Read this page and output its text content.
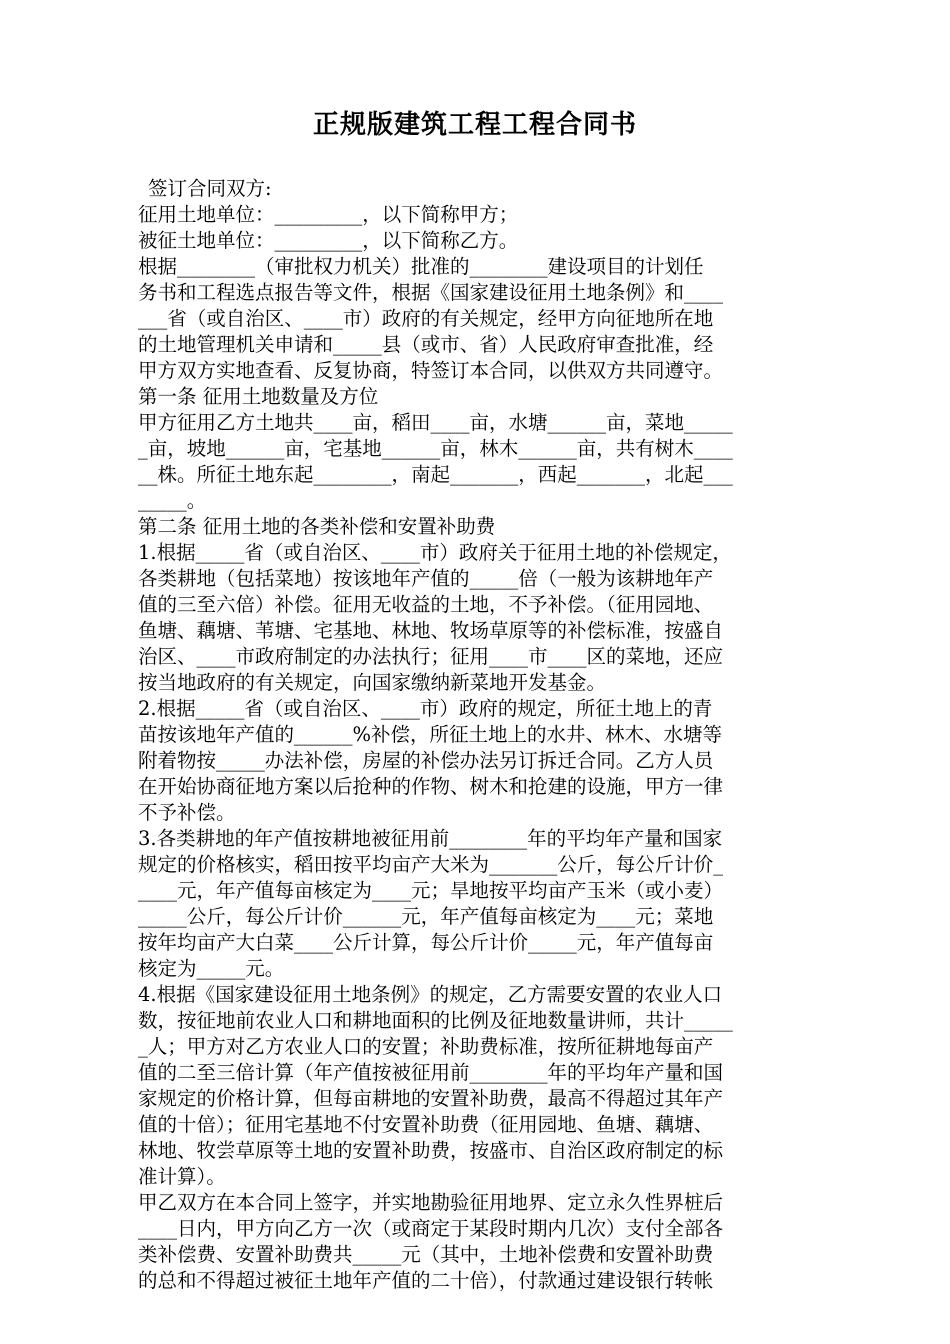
正规版建筑工程工程合同书
签订合同双方:
征用土地单位：_________，以下简称甲方；
被征土地单位：_________，以下简称乙方。
根据________（审批权力机关）批准的________建设项目的计划任
务书和工程选点报告等文件，根据《国家建设征用土地条例》和____
___省（或自治区、____市）政府的有关规定，经甲方向征地所在地
的土地管理机关申请和_____县（或市、省）人民政府审查批准，经
甲方双方实地查看、反复协商，特签订本合同，以供双方共同遵守。
第一条 征用土地数量及方位
甲方征用乙方土地共____亩，稻田____亩，水塘______亩，菜地_____
_亩，坡地______亩，宅基地______亩，林木______亩，共有树木____
__株。所征土地东起________，南起_______，西起_______，北起___
_____。
第二条 征用土地的各类补偿和安置补助费
1.根据_____省（或自治区、____市）政府关于征用土地的补偿规定，
各类耕地（包括菜地）按该地年产值的_____倍（一般为该耕地年产
值的三至六倍）补偿。征用无收益的土地，不予补偿。（征用园地、
鱼塘、藕塘、苇塘、宅基地、林地、牧场草原等的补偿标准，按盛自
治区、____市政府制定的办法执行；征用____市____区的菜地，还应
按当地政府的有关规定，向国家缴纳新菜地开发基金。
2.根据_____省（或自治区、____市）政府的规定，所征土地上的青
苗按该地年产值的______%补偿，所征土地上的水井、林木、水塘等
附着物按_____办法补偿，房屋的补偿办法另订拆迁合同。乙方人员
在开始协商征地方案以后抢种的作物、树木和抢建的设施，甲方一律
不予补偿。
3.各类耕地的年产值按耕地被征用前________年的平均年产量和国家
规定的价格核实，稻田按平均亩产大米为_______公斤，每公斤计价_
____元，年产值每亩核定为____元；旱地按平均亩产玉米（或小麦）
_____公斤，每公斤计价______元，年产值每亩核定为____元；菜地
按年均亩产大白菜____公斤计算，每公斤计价_____元，年产值每亩
核定为_____元。
4.根据《国家建设征用土地条例》的规定，乙方需要安置的农业人口
数，按征地前农业人口和耕地面积的比例及征地数量讲师，共计_____
_人；甲方对乙方农业人口的安置；补助费标准，按所征耕地每亩产
值的二至三倍计算（年产值按被征用前________年的平均年产量和国
家规定的价格计算，但每亩耕地的安置补助费，最高不得超过其年产
值的十倍）；征用宅基地不付安置补助费（征用园地、鱼塘、藕塘、
林地、牧尝草原等土地的安置补助费，按盛市、自治区政府制定的标
准计算）。
甲乙双方在本合同上签字，并实地勘验征用地界、定立永久性界桩后
____日内，甲方向乙方一次（或商定于某段时期内几次）支付全部各
类补偿费、安置补助费共_____元（其中，土地补偿费和安置补助费
的总和不得超过被征土地年产值的二十倍），付款通过建设银行转帐
